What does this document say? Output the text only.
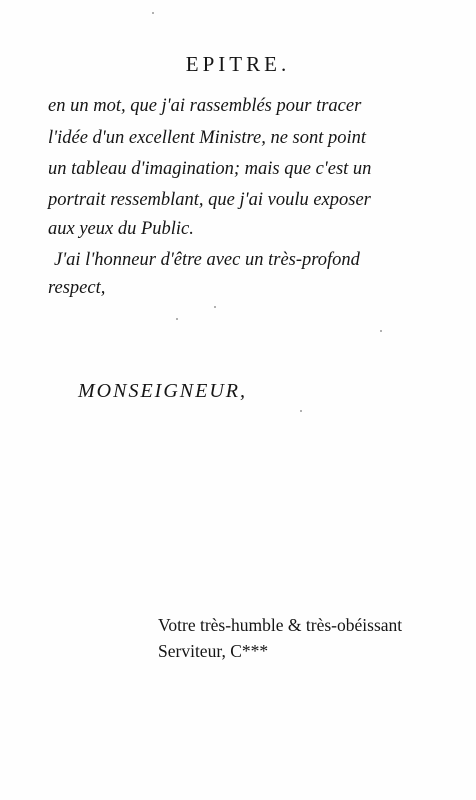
EPITRE.
en un mot, que j'ai rassemblés pour tracer
l'idée d'un excellent Ministre, ne sont point
un tableau d'imagination; mais que c'est un
portrait ressemblant, que j'ai voulu exposer
aux yeux du Public.
J'ai l'honneur d'être avec un très-profond
respect,
MONSEIGNEUR,
Votre très-humble & très-obéissant
Serviteur, C***
